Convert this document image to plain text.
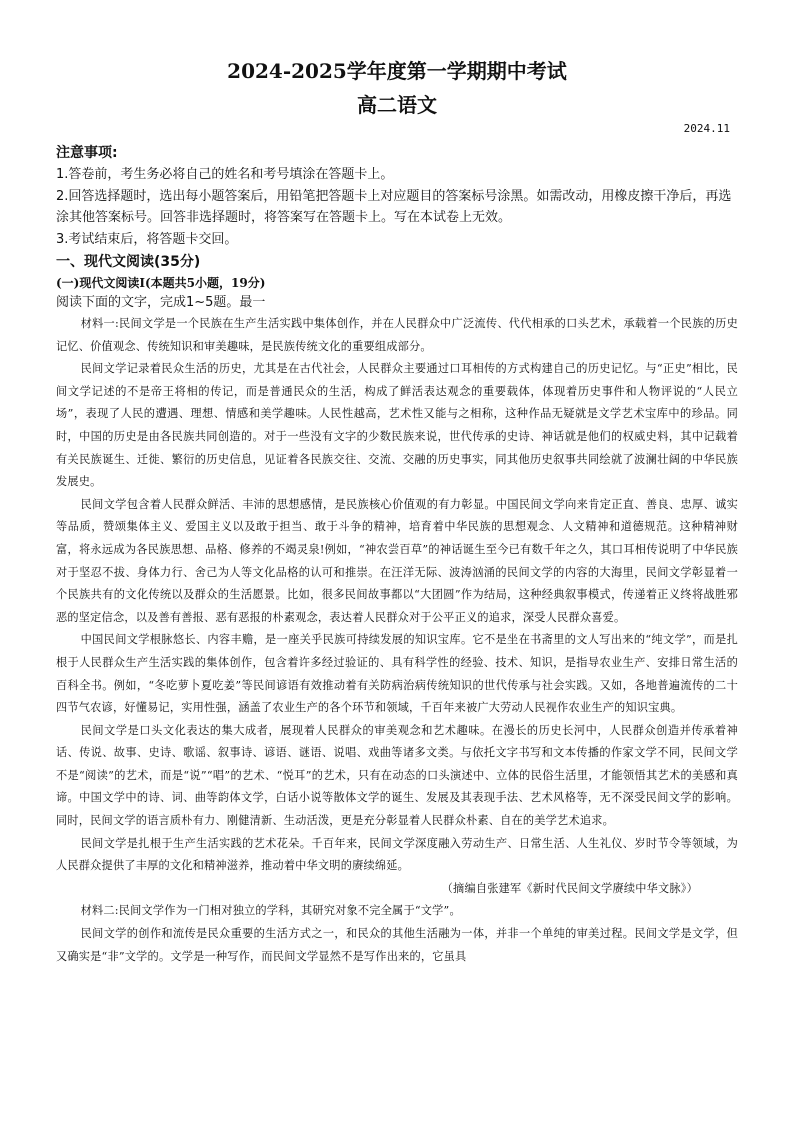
2024-2025学年度第一学期期中考试
高二语文
2024.11
注意事项:

1.答卷前，考生务必将自己的姓名和考号填涂在答题卡上。

2.回答选择题时，选出每小题答案后，用铅笔把答题卡上对应题目的答案标号涂黑。如需改动，用橡皮擦干净后，再选涂其他答案标号。回答非选择题时，将答案写在答题卡上。写在本试卷上无效。

3.考试结束后，将答题卡交回。

一、现代文阅读(35分)
(一)现代文阅读Ⅰ(本题共5小题，19分)
阅读下面的文字，完成1~5题。最一

材料一:民间文学是一个民族在生产生活实践中集体创作，并在人民群众中广泛流传、代代相承的口头艺术，承载着一个民族的历史记忆、价值观念、传统知识和审美趣味，是民族传统文化的重要组成部分。

民间文学记录着民众生活的历史，尤其是在古代社会，人民群众主要通过口耳相传的方式构建自己的历史记忆。与“正史”相比，民间文学记述的不是帝王将相的传记，而是普通民众的生活，构成了鲜活表达观念的重要载体，体现着历史事件和人物评说的“人民立场”，表现了人民的遭遇、理想、情感和美学趣味。人民性越高，艺术性又能与之相称，这种作品无疑就是文学艺术宝库中的珍品。同时，中国的历史是由各民族共同创造的。对于一些没有文字的少数民族来说，世代传承的史诗、神话就是他们的权威史料，其中记载着有关民族诞生、迁徙、繁衍的历史信息，见证着各民族交往、交流、交融的历史事实，同其他历史叙事共同绘就了波澜壮阔的中华民族发展史。

民间文学包含着人民群众鲜活、丰沛的思想感情，是民族核心价值观的有力彰显。中国民间文学向来肯定正直、善良、忠厚、诚实等品质，赞颂集体主义、爱国主义以及敢于担当、敢于斗争的精神，培育着中华民族的思想观念、人文精神和道德规范。这种精神财富，将永远成为各民族思想、品格、修养的不竭灵泉!例如，“神农尝百草”的神话诞生至今已有数千年之久，其口耳相传说明了中华民族对于坚忍不拔、身体力行、舍己为人等文化品格的认可和推崇。在汪洋无际、波涛汹涌的民间文学的内容的大海里，民间文学彰显着一个民族共有的文化传统以及群众的生活愿景。比如，很多民间故事都以“大团圆”作为结局，这种经典叙事模式，传递着正义终将战胜邪恶的坚定信念，以及善有善报、恶有恶报的朴素观念，表达着人民群众对于公平正义的追求，深受人民群众喜爱。

中国民间文学根脉悠长、内容丰赡，是一座关乎民族可持续发展的知识宝库。它不是坐在书斋里的文人写出来的“纯文学”，而是扎根于人民群众生产生活实践的集体创作，包含着许多经过验证的、具有科学性的经验、技术、知识，是指导农业生产、安排日常生活的百科全书。例如，“冬吃萝卜夏吃姜”等民间谚语有效推动着有关防病治病传统知识的世代传承与社会实践。又如，各地普遍流传的二十四节气农谚，好懂易记，实用性强，涵盖了农业生产的各个环节和领域，千百年来被广大劳动人民视作农业生产的知识宝典。

民间文学是口头文化表达的集大成者，展现着人民群众的审美观念和艺术趣味。在漫长的历史长河中，人民群众创造并传承着神话、传说、故事、史诗、歌谣、叙事诗、谚语、谜语、说唱、戏曲等诸多文类。与依托文字书写和文本传播的作家文学不同，民间文学不是“阅读”的艺术，而是“说”“唱”的艺术、“悦耳”的艺术，只有在动态的口头演述中、立体的民俗生活里，才能领悟其艺术的美感和真谛。中国文学中的诗、词、曲等韵体文学，白话小说等散体文学的诞生、发展及其表现手法、艺术风格等，无不深受民间文学的影响。同时，民间文学的语言质朴有力、刚健清新、生动活泼，更是充分彰显着人民群众朴素、自在的美学艺术追求。

民间文学是扎根于生产生活实践的艺术花朵。千百年来，民间文学深度融入劳动生产、日常生活、人生礼仪、岁时节令等领域，为人民群众提供了丰厚的文化和精神滋养，推动着中华文明的赓续绵延。

（摘编自张建军《新时代民间文学赓续中华文脉》）

材料二:民间文学作为一门相对独立的学科，其研究对象不完全属于“文学”。

民间文学的创作和流传是民众重要的生活方式之一，和民众的其他生活融为一体，并非一个单纯的审美过程。民间文学是文学，但又确实是“非”文学的。文学是一种写作，而民间文学显然不是写作出来的，它虽具
